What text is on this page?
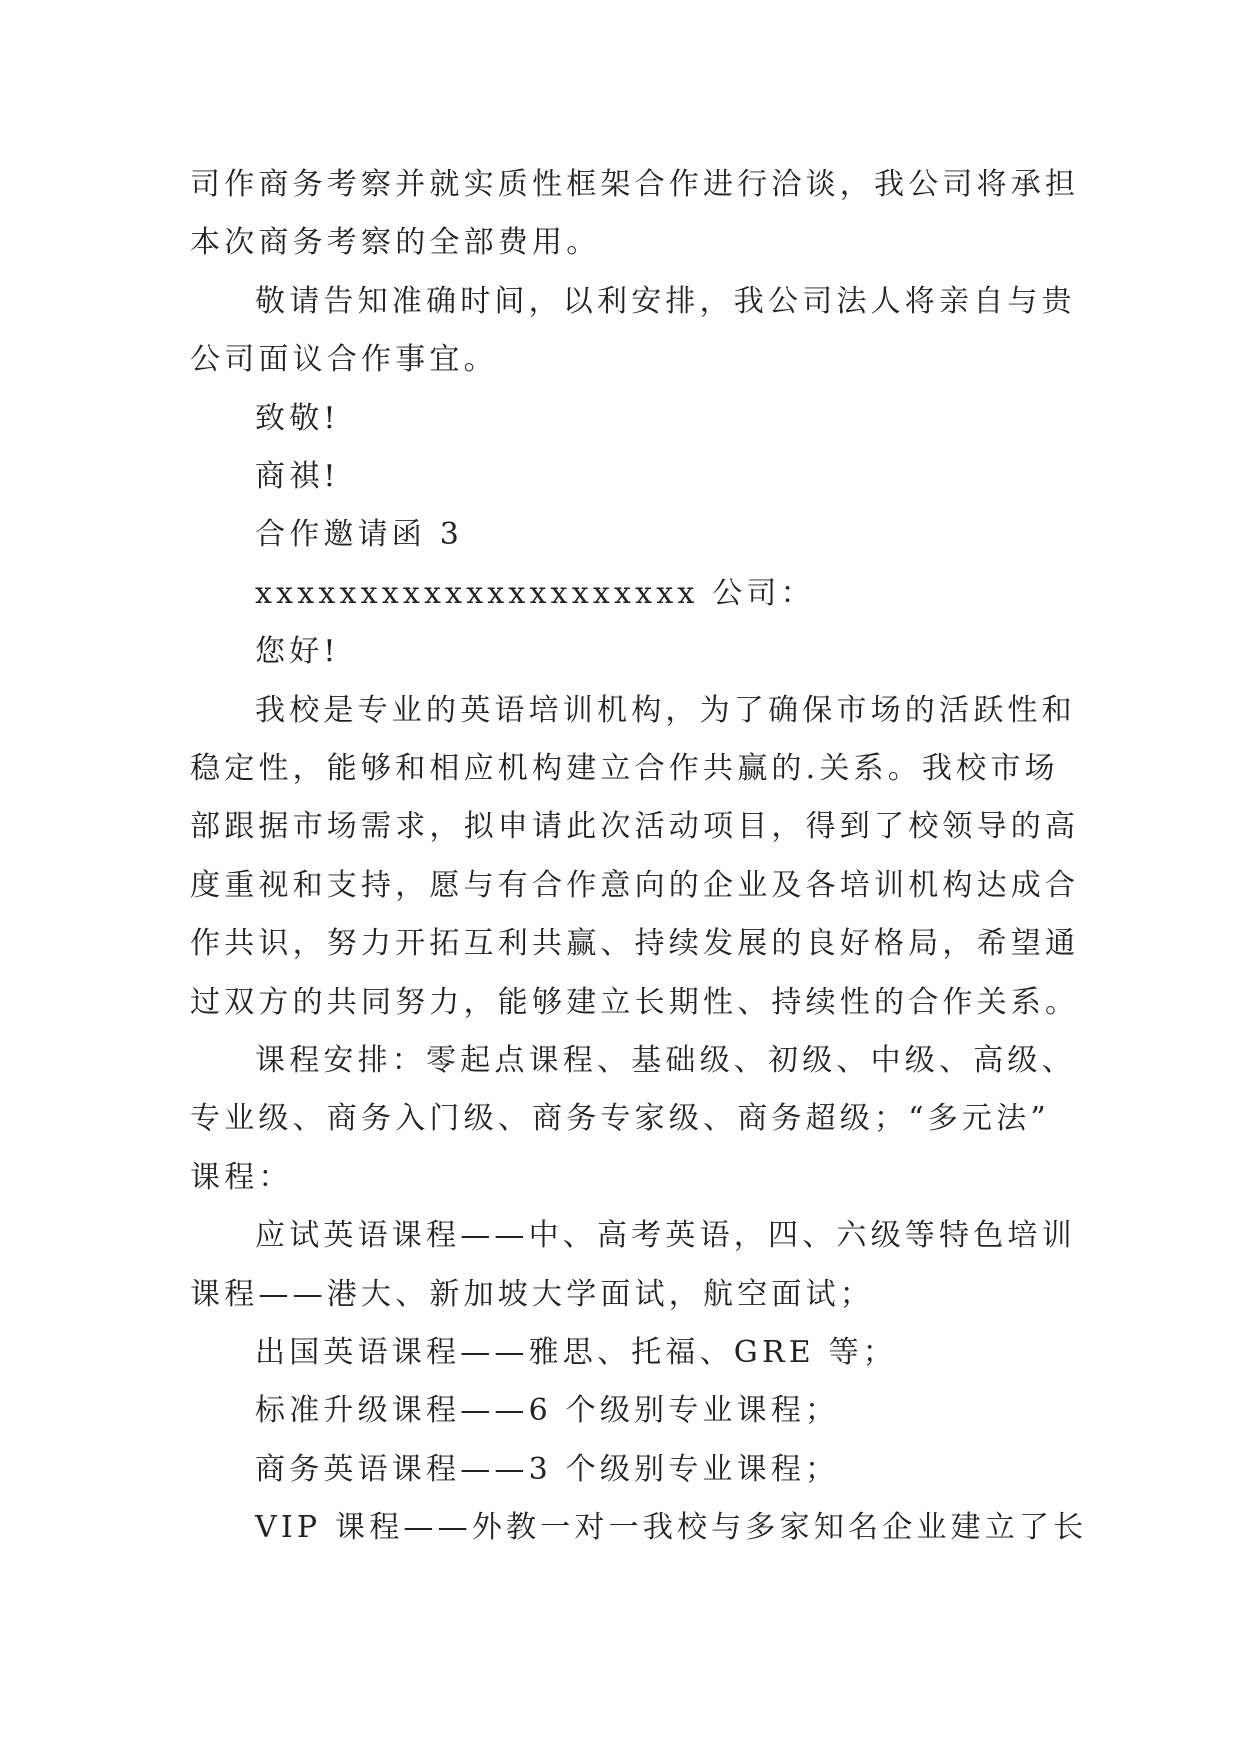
司作商务考察并就实质性框架合作进行洽谈，我公司将承担
本次商务考察的全部费用。
敬请告知准确时间，以利安排，我公司法人将亲自与贵
公司面议合作事宜。
致敬!
商祺!
合作邀请函 3
xxxxxxxxxxxxxxxxxxxxx 公司：
您好!
我校是专业的英语培训机构，为了确保市场的活跃性和
稳定性，能够和相应机构建立合作共赢的.关系。我校市场
部跟据市场需求，拟申请此次活动项目，得到了校领导的高
度重视和支持，愿与有合作意向的企业及各培训机构达成合
作共识，努力开拓互利共赢、持续发展的良好格局，希望通
过双方的共同努力，能够建立长期性、持续性的合作关系。
课程安排：零起点课程、基础级、初级、中级、高级、
专业级、商务入门级、商务专家级、商务超级；“多元法”
课程：
应试英语课程——中、高考英语，四、六级等特色培训
课程——港大、新加坡大学面试，航空面试；
出国英语课程——雅思、托福、GRE 等；
标准升级课程——6 个级别专业课程；
商务英语课程——3 个级别专业课程；
VIP 课程——外教一对一我校与多家知名企业建立了长
